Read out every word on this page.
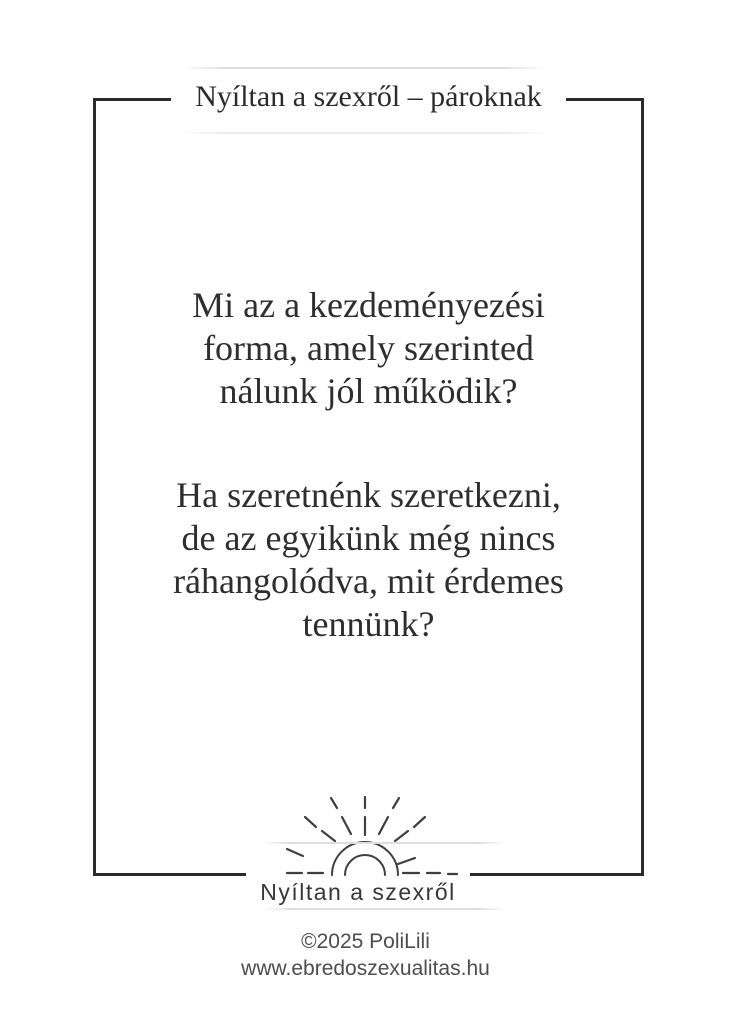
Nyíltan a szexről – pároknak
Mi az a kezdeményezési
forma, amely szerinted
nálunk jól működik?
Ha szeretnénk szeretkezni,
de az egyikünk még nincs
ráhangolódva, mit érdemes
tennünk?
Nyíltan a szexről
©2025 PoliLili
www.ebredoszexualitas.hu
